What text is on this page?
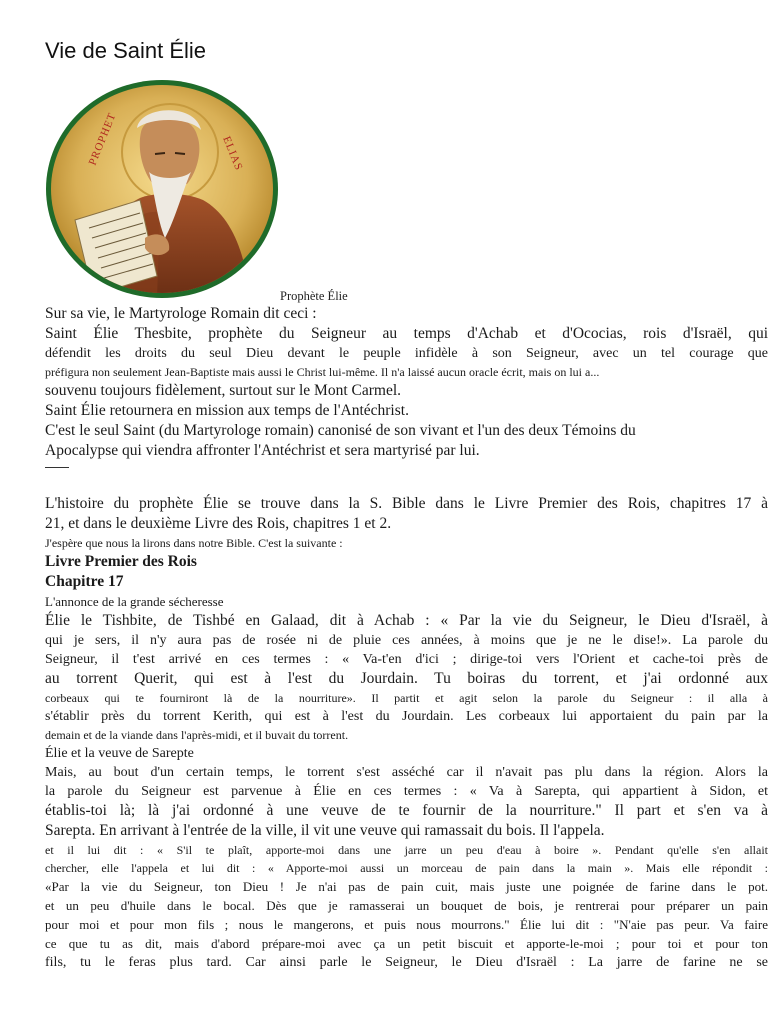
Vie de Saint Élie
PROPHET	ELIAS
Prophète Élie
Sur sa vie, le Martyrologe Romain dit ceci :
Saint Élie Thesbite, prophète du Seigneur au temps d'Achab et d'Ococias, rois d'Israël, qui
défendit les droits du seul Dieu devant le peuple infidèle à son Seigneur, avec un tel courage que
préfigura non seulement Jean-Baptiste mais aussi le Christ lui-même. Il n'a laissé aucun oracle écrit, mais on lui a...
souvenu toujours fidèlement, surtout sur le Mont Carmel.
Saint Élie retournera en mission aux temps de l'Antéchrist.
C'est le seul Saint (du Martyrologe romain) canonisé de son vivant et l'un des deux Témoins du
Apocalypse qui viendra affronter l'Antéchrist et sera martyrisé par lui.
L'histoire du prophète Élie se trouve dans la S. Bible dans le Livre Premier des Rois, chapitres 17 à
21, et dans le deuxième Livre des Rois, chapitres 1 et 2.
J'espère que nous la lirons dans notre Bible. C'est la suivante :
Livre Premier des Rois
Chapitre 17
L'annonce de la grande sécheresse
Élie le Tishbite, de Tishbé en Galaad, dit à Achab : « Par la vie du Seigneur, le Dieu d'Israël, à
qui je sers, il n'y aura pas de rosée ni de pluie ces années, à moins que je ne le dise!». La parole du
Seigneur, il t'est arrivé en ces termes : « Va-t'en d'ici ; dirige-toi vers l'Orient et cache-toi près de
au torrent Querit, qui est à l'est du Jourdain. Tu boiras du torrent, et j'ai ordonné aux
corbeaux qui te fourniront là de la nourriture». Il partit et agit selon la parole du Seigneur : il alla à
s'établir près du torrent Kerith, qui est à l'est du Jourdain. Les corbeaux lui apportaient du pain par la
demain et de la viande dans l'après-midi, et il buvait du torrent.
Élie et la veuve de Sarepte
Mais, au bout d'un certain temps, le torrent s'est asséché car il n'avait pas plu dans la région. Alors la
la parole du Seigneur est parvenue à Élie en ces termes : « Va à Sarepta, qui appartient à Sidon, et
établis-toi là; là j'ai ordonné à une veuve de te fournir de la nourriture." Il part et s'en va à
Sarepta. En arrivant à l'entrée de la ville, il vit une veuve qui ramassait du bois. Il l'appela.
et il lui dit : « S'il te plaît, apporte-moi dans une jarre un peu d'eau à boire ». Pendant qu'elle s'en allait
chercher, elle l'appela et lui dit : « Apporte-moi aussi un morceau de pain dans la main ». Mais elle répondit :
«Par la vie du Seigneur, ton Dieu ! Je n'ai pas de pain cuit, mais juste une poignée de farine dans le pot.
et un peu d'huile dans le bocal. Dès que je ramasserai un bouquet de bois, je rentrerai pour préparer un pain
pour moi et pour mon fils ; nous le mangerons, et puis nous mourrons." Élie lui dit : "N'aie pas peur. Va faire
ce que tu as dit, mais d'abord prépare-moi avec ça un petit biscuit et apporte-le-moi ; pour toi et pour ton
fils, tu le feras plus tard. Car ainsi parle le Seigneur, le Dieu d'Israël : La jarre de farine ne se
